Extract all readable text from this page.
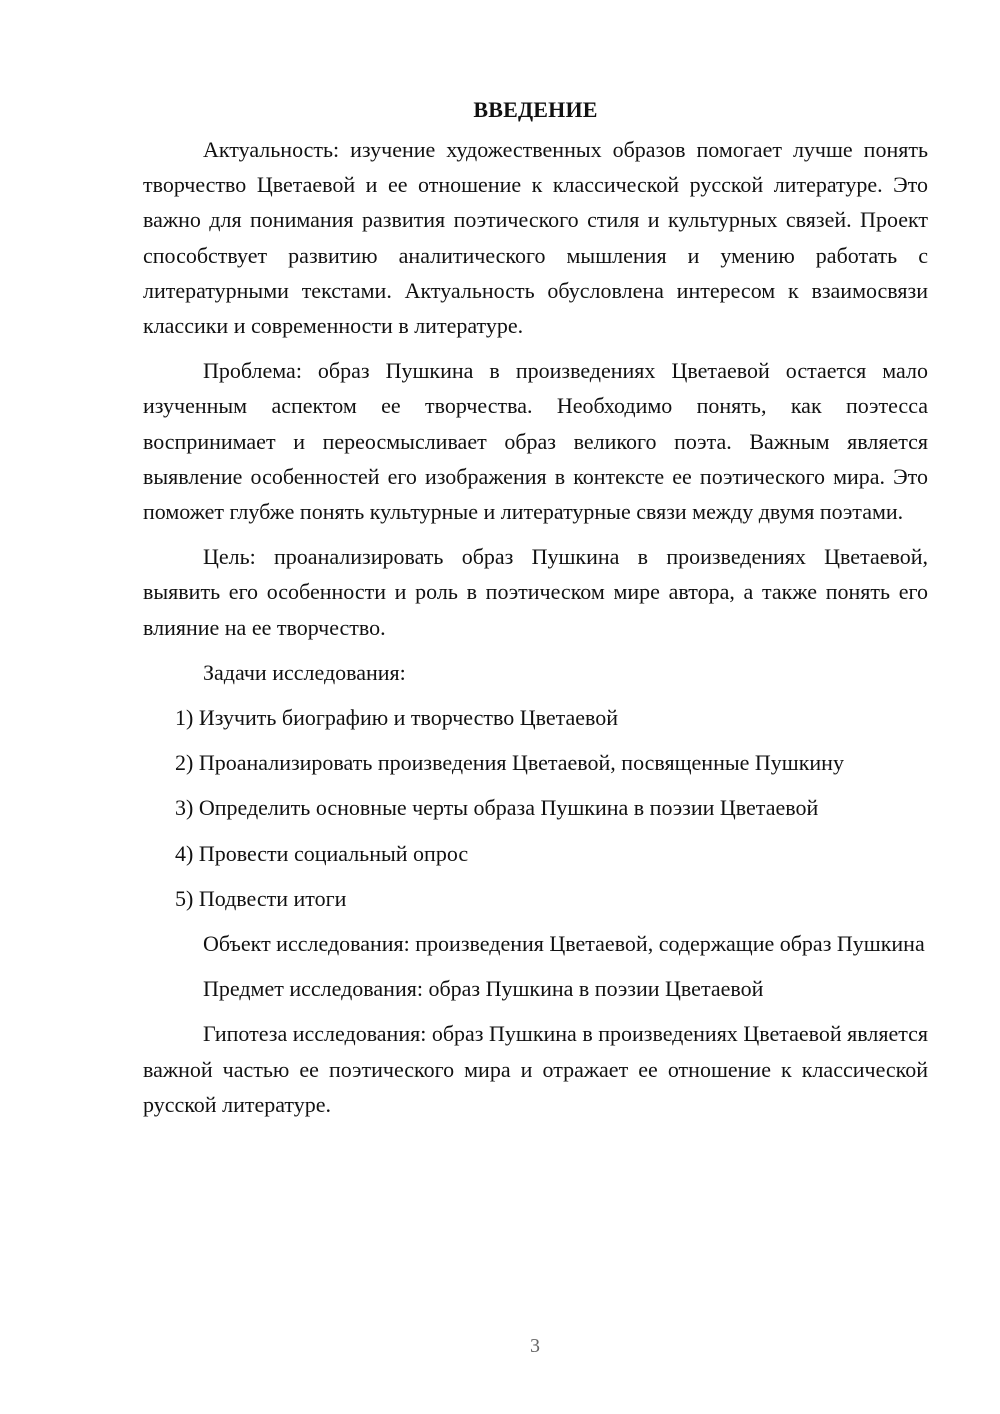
ВВЕДЕНИЕ

Актуальность: изучение художественных образов помогает лучше понять творчество Цветаевой и ее отношение к классической русской литературе. Это важно для понимания развития поэтического стиля и культурных связей. Проект способствует развитию аналитического мышления и умению работать с литературными текстами. Актуальность обусловлена интересом к взаимосвязи классики и современности в литературе.

Проблема: образ Пушкина в произведениях Цветаевой остается мало изученным аспектом ее творчества. Необходимо понять, как поэтесса воспринимает и переосмысливает образ великого поэта. Важным является выявление особенностей его изображения в контексте ее поэтического мира. Это поможет глубже понять культурные и литературные связи между двумя поэтами.

Цель: проанализировать образ Пушкина в произведениях Цветаевой, выявить его особенности и роль в поэтическом мире автора, а также понять его влияние на ее творчество.

Задачи исследования:

1) Изучить биографию и творчество Цветаевой

2) Проанализировать произведения Цветаевой, посвященные Пушкину

3) Определить основные черты образа Пушкина в поэзии Цветаевой

4) Провести социальный опрос

5) Подвести итоги

Объект исследования: произведения Цветаевой, содержащие образ Пушкина

Предмет исследования: образ Пушкина в поэзии Цветаевой

Гипотеза исследования: образ Пушкина в произведениях Цветаевой является важной частью ее поэтического мира и отражает ее отношение к классической русской литературе.

3
